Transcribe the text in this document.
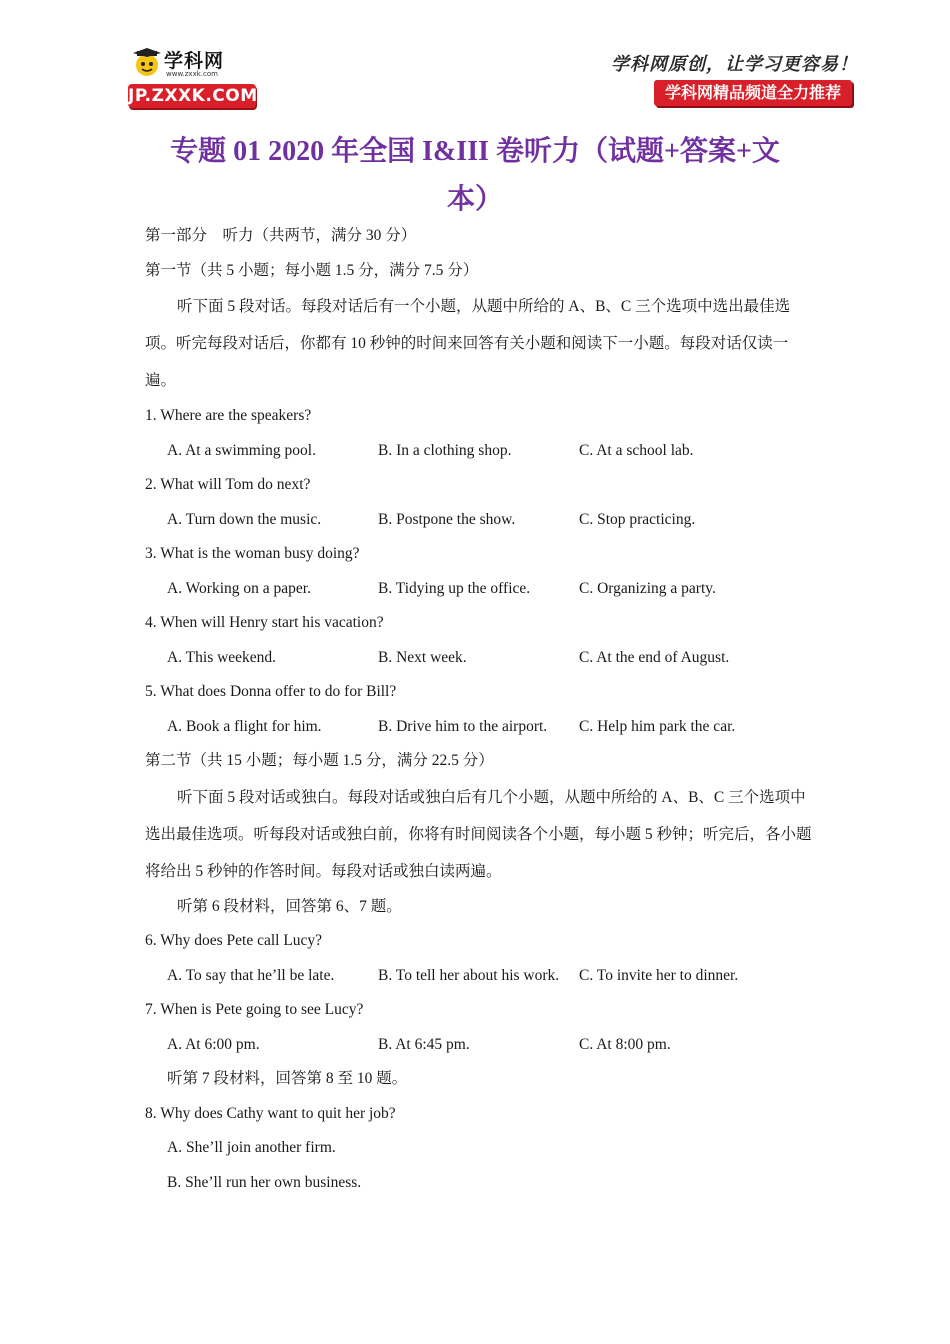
学科网
www.zxxk.com
JP.ZXXK.COM
学科网原创，让学习更容易！
学科网精品频道全力推荐
专题 01 2020 年全国 I&III 卷听力（试题+答案+文
本）
第一部分　听力（共两节，满分 30 分）
第一节（共 5 小题；每小题 1.5 分，满分 7.5 分）

听下面 5 段对话。每段对话后有一个小题，从题中所给的 A、B、C 三个选项中选出最佳选项。听完每段对话后，你都有 10 秒钟的时间来回答有关小题和阅读下一小题。每段对话仅读一遍。

1. Where are the speakers?
A. At a swimming pool.	B. In a clothing shop.	C. At a school lab.
2. What will Tom do next?
A. Turn down the music.	B. Postpone the show.	C. Stop practicing.
3. What is the woman busy doing?
A. Working on a paper.	B. Tidying up the office.	C. Organizing a party.
4. When will Henry start his vacation?
A. This weekend.	B. Next week.	C. At the end of August.
5. What does Donna offer to do for Bill?
A. Book a flight for him.	B. Drive him to the airport. C. Help him park the car.
第二节（共 15 小题；每小题 1.5 分，满分 22.5 分）

听下面 5 段对话或独白。每段对话或独白后有几个小题，从题中所给的 A、B、C 三个选项中选出最佳选项。听每段对话或独白前，你将有时间阅读各个小题，每小题 5 秒钟；听完后，各小题将给出 5 秒钟的作答时间。每段对话或独白读两遍。

听第 6 段材料，回答第 6、7 题。
6. Why does Pete call Lucy?
A. To say that he’ll be late.	B. To tell her about his work. C. To invite her to dinner.
7. When is Pete going to see Lucy?
A. At 6:00 pm.	B. At 6:45 pm.	C. At 8:00 pm.
听第 7 段材料，回答第 8 至 10 题。
8. Why does Cathy want to quit her job?
A. She’ll join another firm.
B. She’ll run her own business.
